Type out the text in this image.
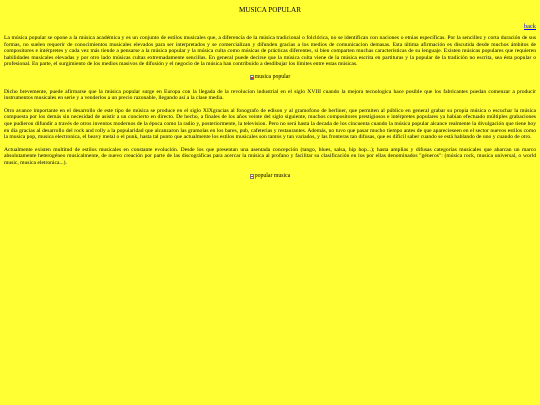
MUSICA POPULAR
back

La música popular se opone a la música académica y es un conjunto de estilos musicales que, a diferencia de la música tradicional o folclórica, no se identifican con naciones o etnias específicas. Por la sencillez y corta duración de sus formas, no suelen requerir de conocimientos musicales elevados para ser interpretados y se comercializan y difunden gracias a los medios de comunicacion demasas. Esta última afirmación es discutida desde muchos ámbitos de compositores e intérpretes y cada vez más tiende a pensarse a la música popular y la música culta como músicas de prácticas diferentes, si bien comparten muchas características de su lenguaje. Existen músicas populares que requieren habilidades musicales elevadas y por otro lado músicas cultas extremadamente sencillas. En general puede decirse que la música culta viene de la música escrita en partituras y la popular de la tradición no escrita, sea ésta popular o profesional. En parte, el surgimiento de los medios masivos de difusión y el negocio de la música han contribuido a desdibujar los límites entre estas músicas.

musica popular

Dicho brevemente, puede afirmarse que la música popular surge en Europa con la llegada de la revolucion industrial en el siglo XVIII cuando la mejora tecnologica hace posible que los fabricantes puedan comenzar a producir instrumentos musicales en serie y a venderlos a un precio razonable, llegando así a la clase media.

Otro avance importante en el desarrollo de este tipo de música se produce en el siglo XIXgracias al fonografo de edison y al gramofono de berliner, que permiten al público en general grabar su propia música o escuchar la música compuesta por los demás sin necesidad de asistir a un concierto en directo. De hecho, a finales de los años veinte del siglo siguiente, muchos compositores prestigiosos e intérpretes populares ya habían efectuado múltiples grabaciones que pudieron difundir a través de otros inventos modernos de la época como la radio y, posteriormente, la television. Pero no será hasta la decada de los cincuenta cuando la música popular alcance realmente la divulgación que tiene hoy en día gracias al desarrollo del rock and rolly a la popularidad que alcanzaron las gramolas en los bares, pub, cafeterias y restaurantes. Además, no tuvo que pasar mucho tiempo antes de que aparecieseen en el sector nuevos estilos como la musica pop, musica electronica, el heavy metal o el punk, hasta tal punto que actualmente los estilos musicales son tantos y tan variados, y las fronteras tan difusas, que es dificil saber cuando se está hablando de uno y cuando de otro.

Actualmente existen multitud de estilos musicales en constante evolución. Desde los que presentan una asentada concepción (tango, blues, salsa, hip hop...); hasta amplias y difusas categorías musicales que abarcan un marco absolutamente heterogéneo musicalmente, de nuevo creación por parte de las discográficas para acercar la música al profano y facilitar su clasificación en los por ellas denominados "géneros": (música rock, musica universal, o world music, musica eletronica...).

popular musica
